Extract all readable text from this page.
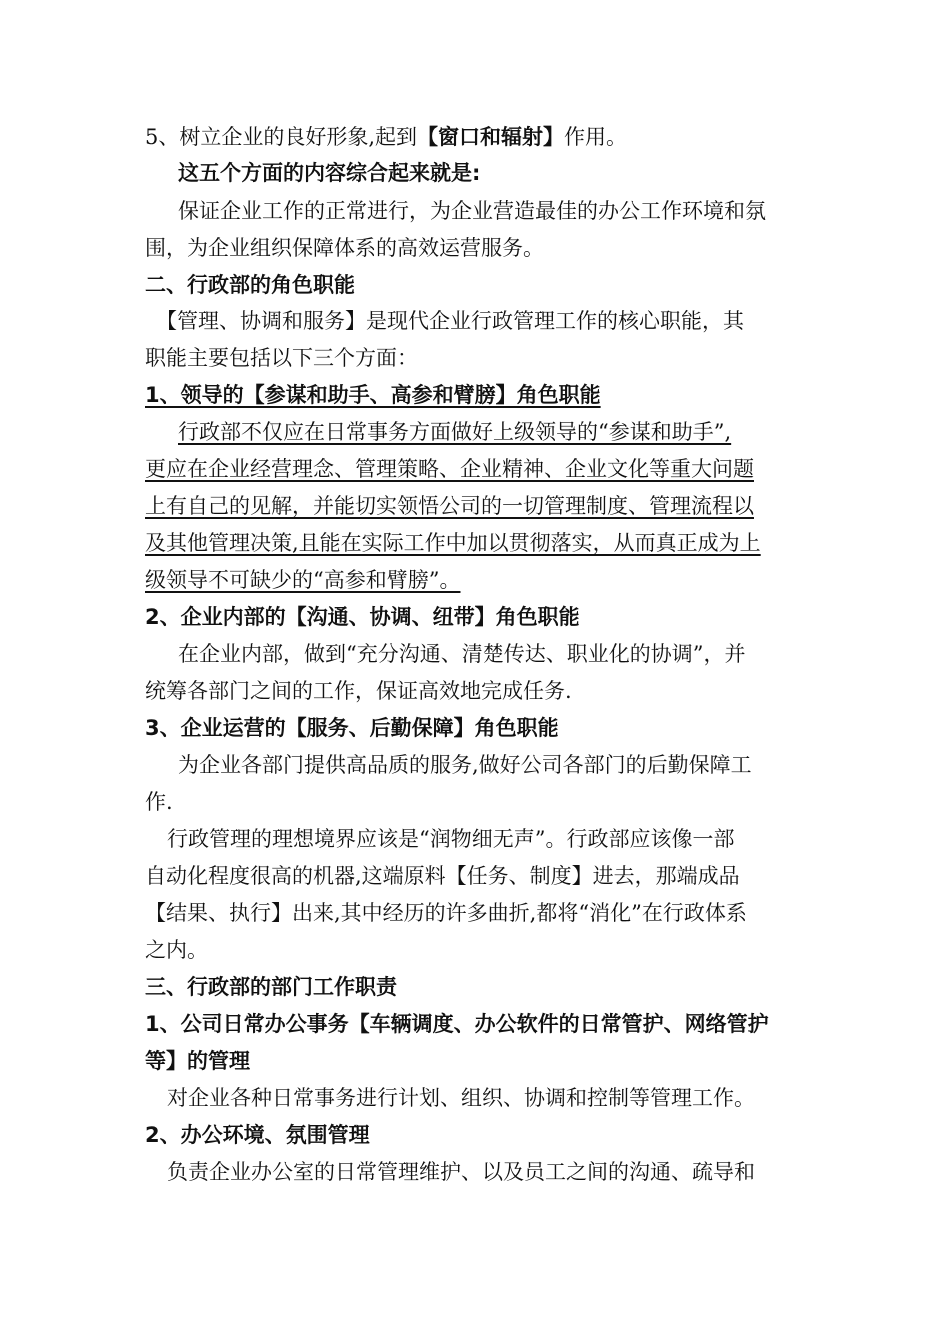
5、树立企业的良好形象,起到【窗口和辐射】作用。
这五个方面的内容综合起来就是:
保证企业工作的正常进行，为企业营造最佳的办公工作环境和氛
围，为企业组织保障体系的高效运营服务。
二、行政部的角色职能
【管理、协调和服务】是现代企业行政管理工作的核心职能，其
职能主要包括以下三个方面：
1、领导的【参谋和助手、高参和臂膀】角色职能
行政部不仅应在日常事务方面做好上级领导的“参谋和助手”,
更应在企业经营理念、管理策略、企业精神、企业文化等重大问题
上有自己的见解，并能切实领悟公司的一切管理制度、管理流程以
及其他管理决策,且能在实际工作中加以贯彻落实，从而真正成为上
级领导不可缺少的“高参和臂膀”。
2、企业内部的【沟通、协调、纽带】角色职能
在企业内部，做到“充分沟通、清楚传达、职业化的协调”，并
统筹各部门之间的工作，保证高效地完成任务.
3、企业运营的【服务、后勤保障】角色职能
为企业各部门提供高品质的服务,做好公司各部门的后勤保障工
作.
行政管理的理想境界应该是“润物细无声”。行政部应该像一部
自动化程度很高的机器,这端原料【任务、制度】进去，那端成品
【结果、执行】出来,其中经历的许多曲折,都将“消化”在行政体系
之内。
三、行政部的部门工作职责
1、公司日常办公事务【车辆调度、办公软件的日常管护、网络管护
等】的管理
对企业各种日常事务进行计划、组织、协调和控制等管理工作。
2、办公环境、氛围管理
负责企业办公室的日常管理维护、以及员工之间的沟通、疏导和
